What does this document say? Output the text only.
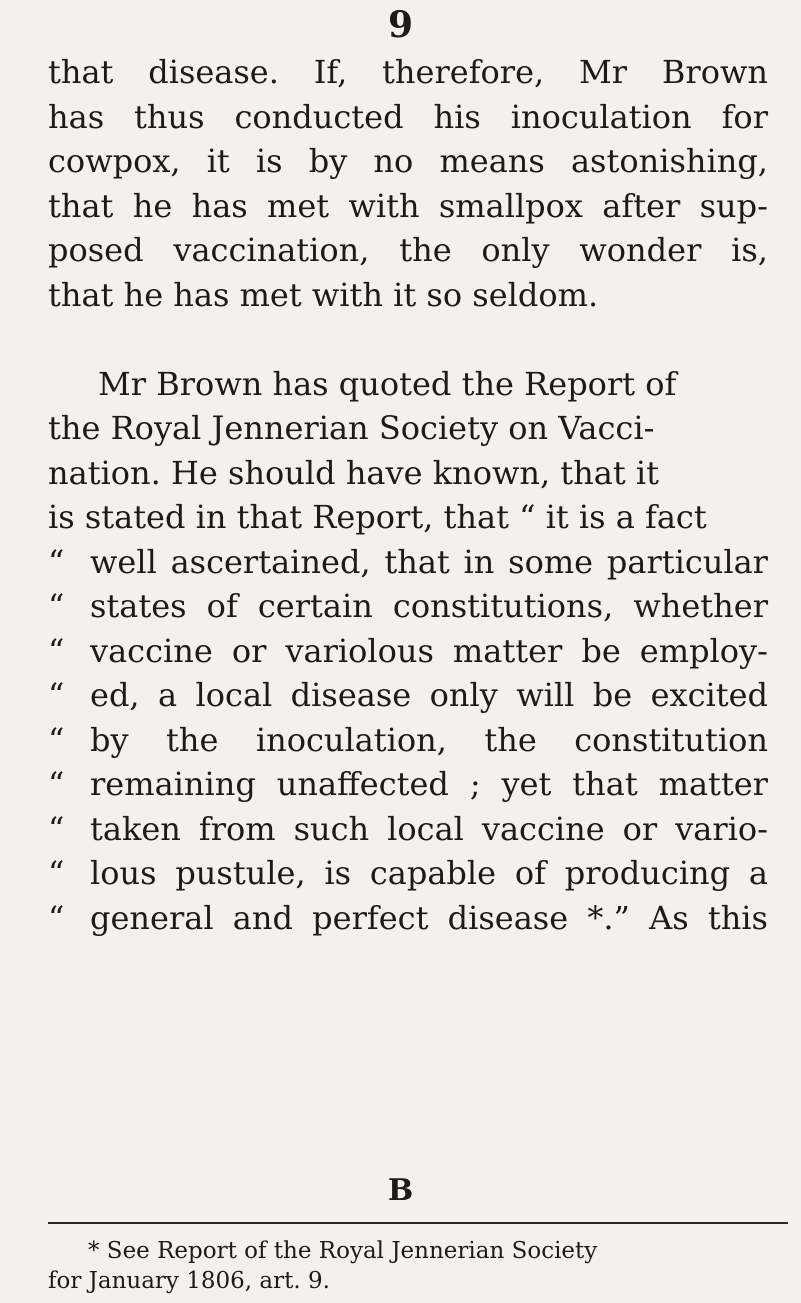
9
that disease. If, therefore, Mr Brown
has thus conducted his inoculation for
cowpox, it is by no means astonishing,
that he has met with smallpox after sup-
posed vaccination, the only wonder is,
that he has met with it so seldom.
Mr Brown has quoted the Report of
the Royal Jennerian Society on Vacci-
nation. He should have known, that it
is stated in that Report, that “ it is a fact
“ well ascertained, that in some particular
“ states of certain constitutions, whether
“ vaccine or variolous matter be employ-
“ ed, a local disease only will be excited
“ by the inoculation, the constitution
“ remaining unaffected ; yet that matter
“ taken from such local vaccine or vario-
“ lous pustule, is capable of producing a
“ general and perfect disease *.” As this
B
* See Report of the Royal Jennerian Society
for January 1806, art. 9.
